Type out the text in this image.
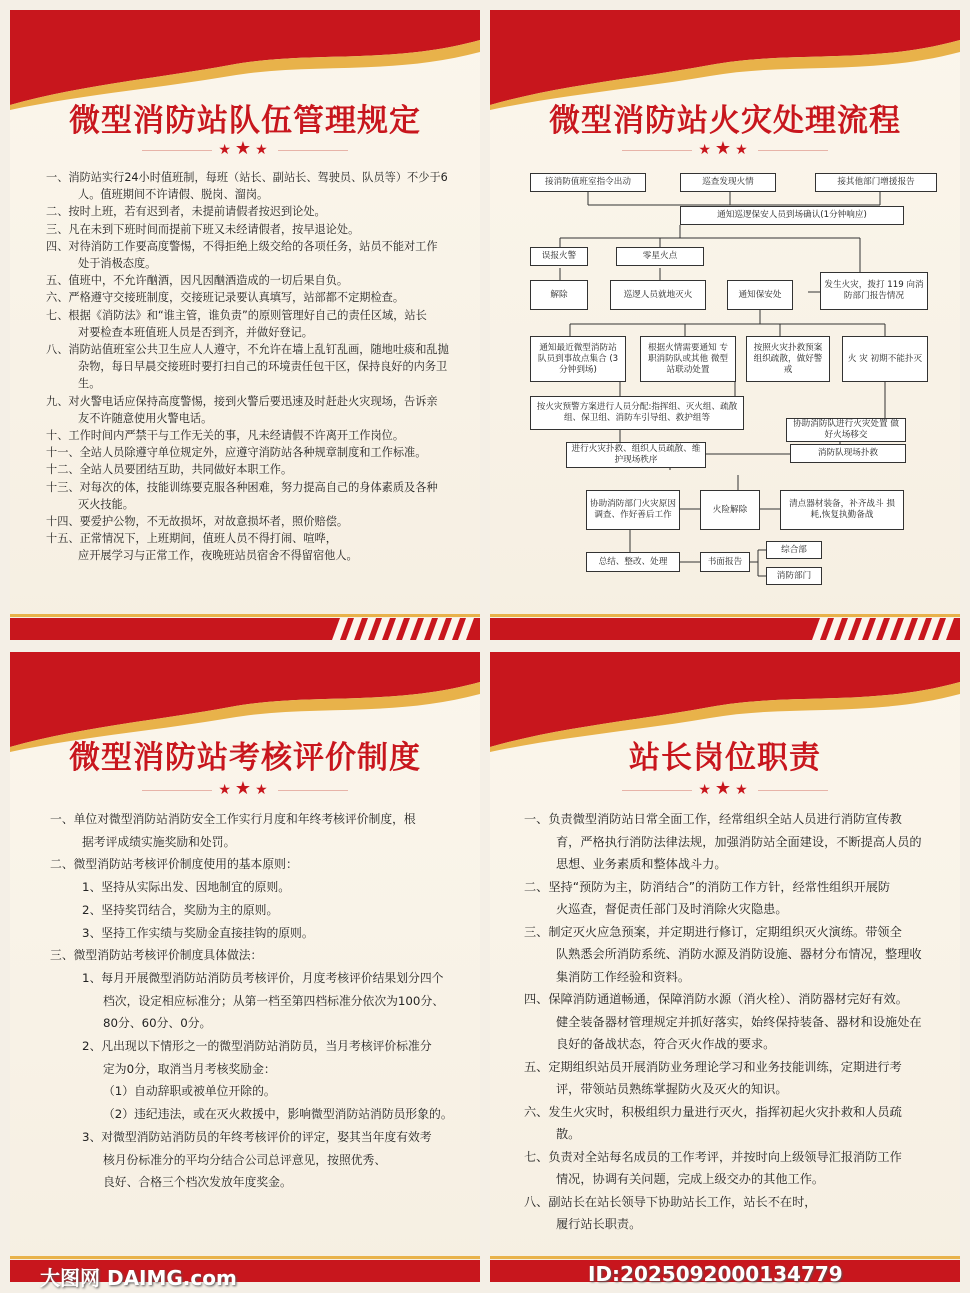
微型消防站队伍管理规定
★★★

一、消防站实行24小时值班制，每班（站长、副站长、驾驶员、队员等）不少于6

人。值班期间不许请假、脱岗、溜岗。

二、按时上班，若有迟到者，未提前请假者按迟到论处。

三、凡在未到下班时间而提前下班又未经请假者，按早退论处。

四、对待消防工作要高度警惕，不得拒绝上级交给的各项任务，站员不能对工作

处于消极态度。

五、值班中，不允许酗酒，因凡因酗酒造成的一切后果自负。

六、严格遵守交接班制度，交接班记录要认真填写，站部都不定期检查。

七、根据《消防法》和“谁主管，谁负责”的原则管理好自己的责任区域，站长

对要检查本班值班人员是否到齐，并做好登记。

八、消防站值班室公共卫生应人人遵守，不允许在墙上乱钉乱画，随地吐痰和乱抛

杂物，每日早晨交接班时要打扫自己的环境责任包干区，保持良好的内务卫生。

九、对火警电话应保持高度警惕，接到火警后要迅速及时赶赴火灾现场，告诉亲

友不许随意使用火警电话。

十、工作时间内严禁干与工作无关的事，凡未经请假不许离开工作岗位。

十一、全站人员除遵守单位规定外，应遵守消防站各种规章制度和工作标准。

十二、全站人员要团结互助，共同做好本职工作。

十三、对每次的体，技能训练要克服各种困难，努力提高自己的身体素质及各种

灭火技能。

十四、要爱护公物，不无故损坏，对故意损坏者，照价赔偿。

十五、正常情况下，上班期间，值班人员不得打闹、喧哗，

应开展学习与正常工作，夜晚班站员宿舍不得留宿他人。

微型消防站火灾处理流程
★★★
接消防值班室指令出动	巡查发现火情	接其他部门增援报告
通知巡逻保安人员到场确认(1分钟响应)
误报火警	零星火点
解除	巡逻人员就地灭火	通知保安处
发生火灾，拨打 119 向消防部门报告情况
通知最近微型消防站 队员到事故点集合 (3分钟到场)
根据火情需要通知 专职消防队或其他 微型站联动处置
按照火灾扑救预案 组织疏散，做好警戒
火 灾 初期不能扑灭
按火灾预警方案进行人员分配:指挥组、灭火组、疏散组、保卫组、消防车引导组、救护组等
协助消防队进行火灾处置 做好火场移交
进行火灾扑救、组织人员疏散、维护现场秩序
消防队现场扑救
协助消防部门火灾原因 调查、作好善后工作
火险解除
清点器材装备，补齐战斗 损耗,恢复执勤备战
总结、整改、处理	书面报告
综合部
消防部门
微型消防站考核评价制度
★★★

一、单位对微型消防站消防安全工作实行月度和年终考核评价制度，根

据考评成绩实施奖励和处罚。

二、微型消防站考核评价制度使用的基本原则：

1、坚持从实际出发、因地制宜的原则。

2、坚持奖罚结合，奖励为主的原则。

3、坚持工作实绩与奖励金直接挂钩的原则。

三、微型消防站考核评价制度具体做法：

1、每月开展微型消防站消防员考核评价，月度考核评价结果划分四个

档次，设定相应标准分；从第一档至第四档标准分依次为100分、

80分、60分、0分。

2、凡出现以下情形之一的微型消防站消防员，当月考核评价标准分

定为0分，取消当月考核奖励金：

（1）自动辞职或被单位开除的。

（2）违纪违法，或在灭火救援中，影响微型消防站消防员形象的。

3、对微型消防站消防员的年终考核评价的评定，娶其当年度有效考

核月份标准分的平均分结合公司总评意见，按照优秀、

良好、合格三个档次发放年度奖金。

站长岗位职责
★★★

一、负责微型消防站日常全面工作，经常组织全站人员进行消防宣传教

育，严格执行消防法律法规，加强消防站全面建设，不断提高人员的

思想、业务素质和整体战斗力。

二、坚持“预防为主，防消结合”的消防工作方针，经常性组织开展防

火巡查，督促责任部门及时消除火灾隐患。

三、制定灭火应急预案，并定期进行修订，定期组织灭火演练。带领全

队熟悉会所消防系统、消防水源及消防设施、器材分布情况，整理收

集消防工作经验和资料。

四、保障消防通道畅通，保障消防水源（消火栓）、消防器材完好有效。

健全装备器材管理规定并抓好落实，始终保持装备、器材和设施处在

良好的备战状态，符合灭火作战的要求。

五、定期组织站员开展消防业务理论学习和业务技能训练，定期进行考

评，带领站员熟练掌握防火及灭火的知识。

六、发生火灾时，积极组织力量进行灭火，指挥初起火灾扑救和人员疏

散。

七、负责对全站每名成员的工作考评，并按时向上级领导汇报消防工作

情况，协调有关问题，完成上级交办的其他工作。

八、副站长在站长领导下协助站长工作，站长不在时，

履行站长职责。

大图网 DAIMG.com	ID:20250920001347​79
